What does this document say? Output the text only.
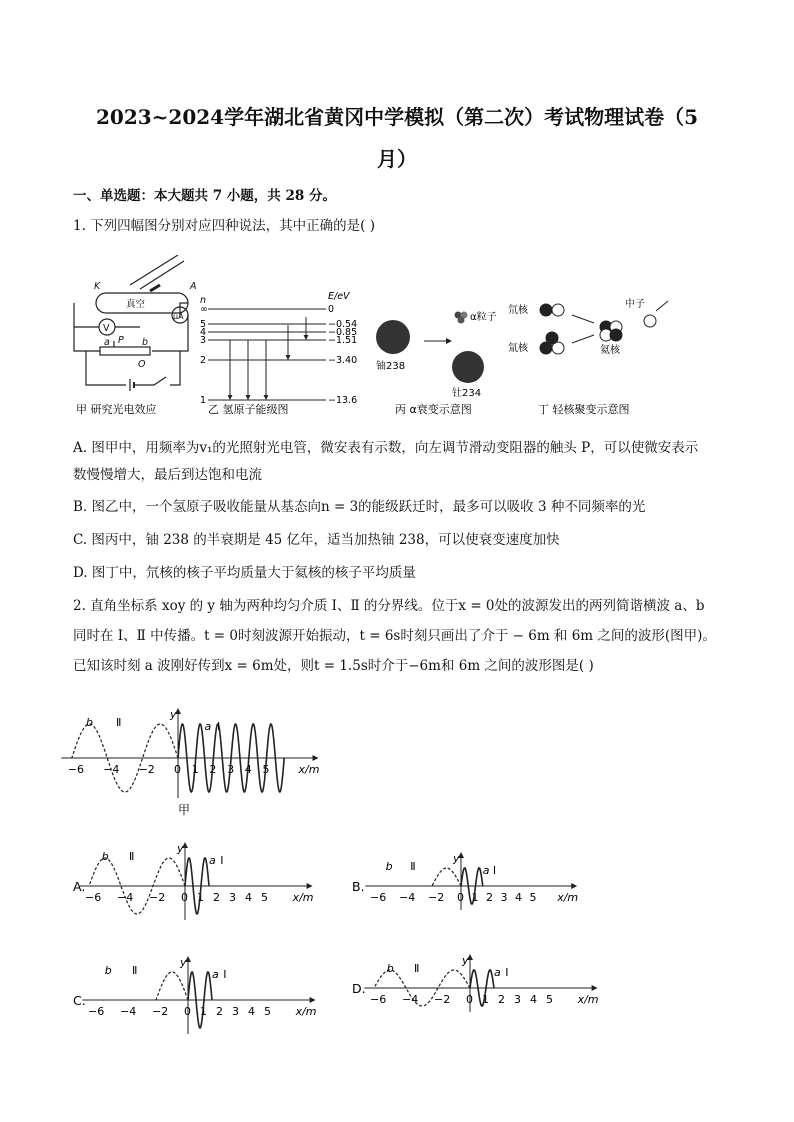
2023~2024学年湖北省黄冈中学模拟（第二次）考试物理试卷（5
月）
一、单选题：本大题共 7 小题，共 28 分。
1. 下列四幅图分别对应四种说法，其中正确的是( )
K	A
真空
V
μA
a P b
O
甲 研究光电效应
n	E/eV
∞	0
5	−0.54
4	−0.85
3	−1.51
2	−3.40
1	−13.6
乙 氢原子能级图
铀238
钍234
α粒子
丙 α衰变示意图
氘核
氚核	氦核
中子
丁 轻核聚变示意图
A. 图甲中，用频率为v₁的光照射光电管，微安表有示数，向左调节滑动变阻器的触头 P，可以使微安表示
数慢慢增大，最后到达饱和电流
B. 图乙中，一个氢原子吸收能量从基态向n = 3的能级跃迁时，最多可以吸收 3 种不同频率的光
C. 图丙中，铀 238 的半衰期是 45 亿年，适当加热铀 238，可以使衰变速度加快
D. 图丁中，氘核的核子平均质量大于氦核的核子平均质量
2. 直角坐标系 xoy 的 y 轴为两种均匀介质 Ⅰ、Ⅱ 的分界线。位于x = 0处的波源发出的两列简谐横波 a、b
同时在 Ⅰ、Ⅱ 中传播。t = 0时刻波源开始振动，t = 6s时刻只画出了介于 − 6m 和 6m 之间的波形(图甲)。
已知该时刻 a 波刚好传到x = 6m处，则t = 1.5s时介于−6m和 6m 之间的波形图是( )
y
x/m
−6 −4 −2 0 1 2 3 4 5
b Ⅱ	a Ⅰ
甲
y
x/m
−6 −4 −2 0 1 2 3 4 5
b Ⅱ	a Ⅰ
A.
y
x/m
−6 −4 −2 0 1 2 3 4 5
b Ⅱ	a Ⅰ
B.
y
x/m
−6 −4 −2 0 1 2 3 4 5
b Ⅱ	a Ⅰ
C.
y
x/m
−6 −4 −2 0 1 2 3 4 5
b Ⅱ	a Ⅰ
D.
